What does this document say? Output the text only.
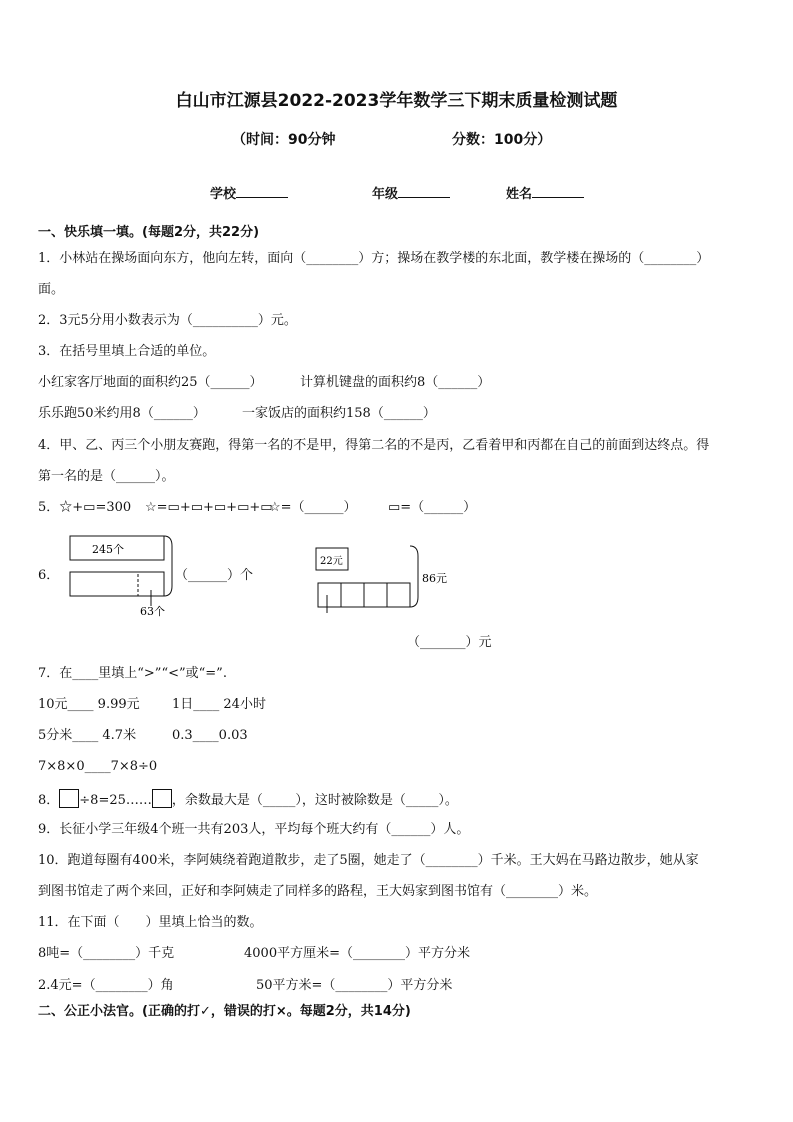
白山市江源县2022-2023学年数学三下期末质量检测试题
（时间：90分钟	分数：100分）
学校	年级	姓名
一、快乐填一填。(每题2分，共22分)
1．小林站在操场面向东方，他向左转，面向（________）方；操场在教学楼的东北面，教学楼在操场的（________）
面。
2．3元5分用小数表示为（__________）元。
3．在括号里填上合适的单位。
小红家客厅地面的面积约25（______）	计算机键盘的面积约8（______）
乐乐跑50米约用8（______）	一家饭店的面积约158（______）
4．甲、乙、丙三个小朋友赛跑，得第一名的不是甲，得第二名的不是丙，乙看着甲和丙都在自己的前面到达终点。得
第一名的是（______）。
5．☆+▭=300 ☆=▭+▭+▭+▭+▭
☆=（______） ▭=（______）
6．
245个
63个
（______）个
22元
86元
（_______）元
7．在____里填上“>”“<”或“=”.
10元____ 9.99元 1日____ 24小时
5分米____ 4.7米	0.3____0.03
7×8×0____7×8÷0
8． ÷8=25…… ，余数最大是（_____），这时被除数是（_____）。
9．长征小学三年级4个班一共有203人，平均每个班大约有（______）人。
10．跑道每圈有400米，李阿姨绕着跑道散步，走了5圈，她走了（________）千米。王大妈在马路边散步，她从家
到图书馆走了两个来回，正好和李阿姨走了同样多的路程，王大妈家到图书馆有（________）米。
11．在下面（　　）里填上恰当的数。
8吨=（________）千克	4000平方厘米=（________）平方分米
2.4元=（________）角	50平方米=（________）平方分米
二、公正小法官。(正确的打✓，错误的打×。每题2分，共14分)
